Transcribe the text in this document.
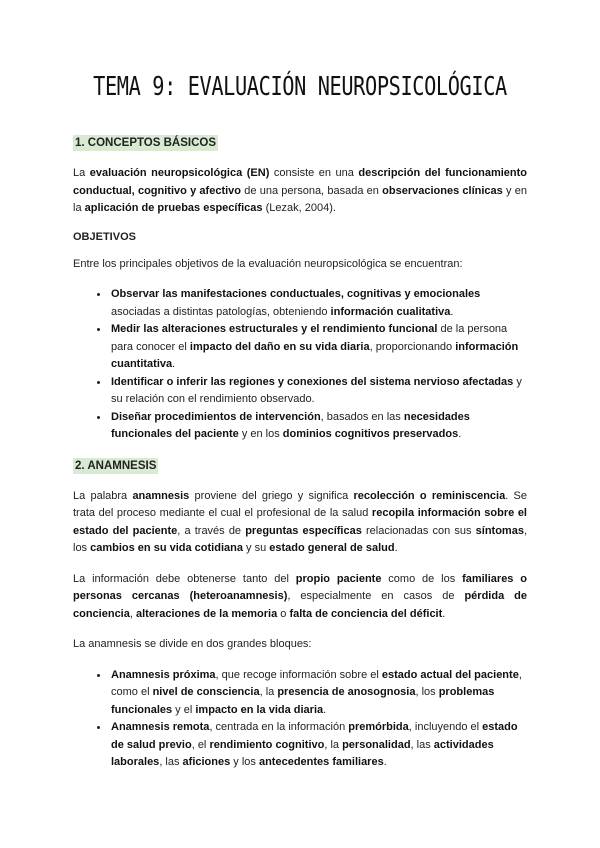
TEMA 9: EVALUACIÓN NEUROPSICOLÓGICA
1. CONCEPTOS BÁSICOS

La evaluación neuropsicológica (EN) consiste en una descripción del funcionamiento conductual, cognitivo y afectivo de una persona, basada en observaciones clínicas y en la aplicación de pruebas específicas (Lezak, 2004).

OBJETIVOS

Entre los principales objetivos de la evaluación neuropsicológica se encuentran:

• Observar las manifestaciones conductuales, cognitivas y emocionales asociadas a distintas patologías, obteniendo información cualitativa.
• Medir las alteraciones estructurales y el rendimiento funcional de la persona para conocer el impacto del daño en su vida diaria, proporcionando información cuantitativa.
• Identificar o inferir las regiones y conexiones del sistema nervioso afectadas y su relación con el rendimiento observado.
• Diseñar procedimientos de intervención, basados en las necesidades funcionales del paciente y en los dominios cognitivos preservados.
2. ANAMNESIS

La palabra anamnesis proviene del griego y significa recolección o reminiscencia. Se trata del proceso mediante el cual el profesional de la salud recopila información sobre el estado del paciente, a través de preguntas específicas relacionadas con sus síntomas, los cambios en su vida cotidiana y su estado general de salud.

La información debe obtenerse tanto del propio paciente como de los familiares o personas cercanas (heteroanamnesis), especialmente en casos de pérdida de conciencia, alteraciones de la memoria o falta de conciencia del déficit.

La anamnesis se divide en dos grandes bloques:

• Anamnesis próxima, que recoge información sobre el estado actual del paciente, como el nivel de consciencia, la presencia de anosognosia, los problemas funcionales y el impacto en la vida diaria.
• Anamnesis remota, centrada en la información premórbida, incluyendo el estado de salud previo, el rendimiento cognitivo, la personalidad, las actividades laborales, las aficiones y los antecedentes familiares.
